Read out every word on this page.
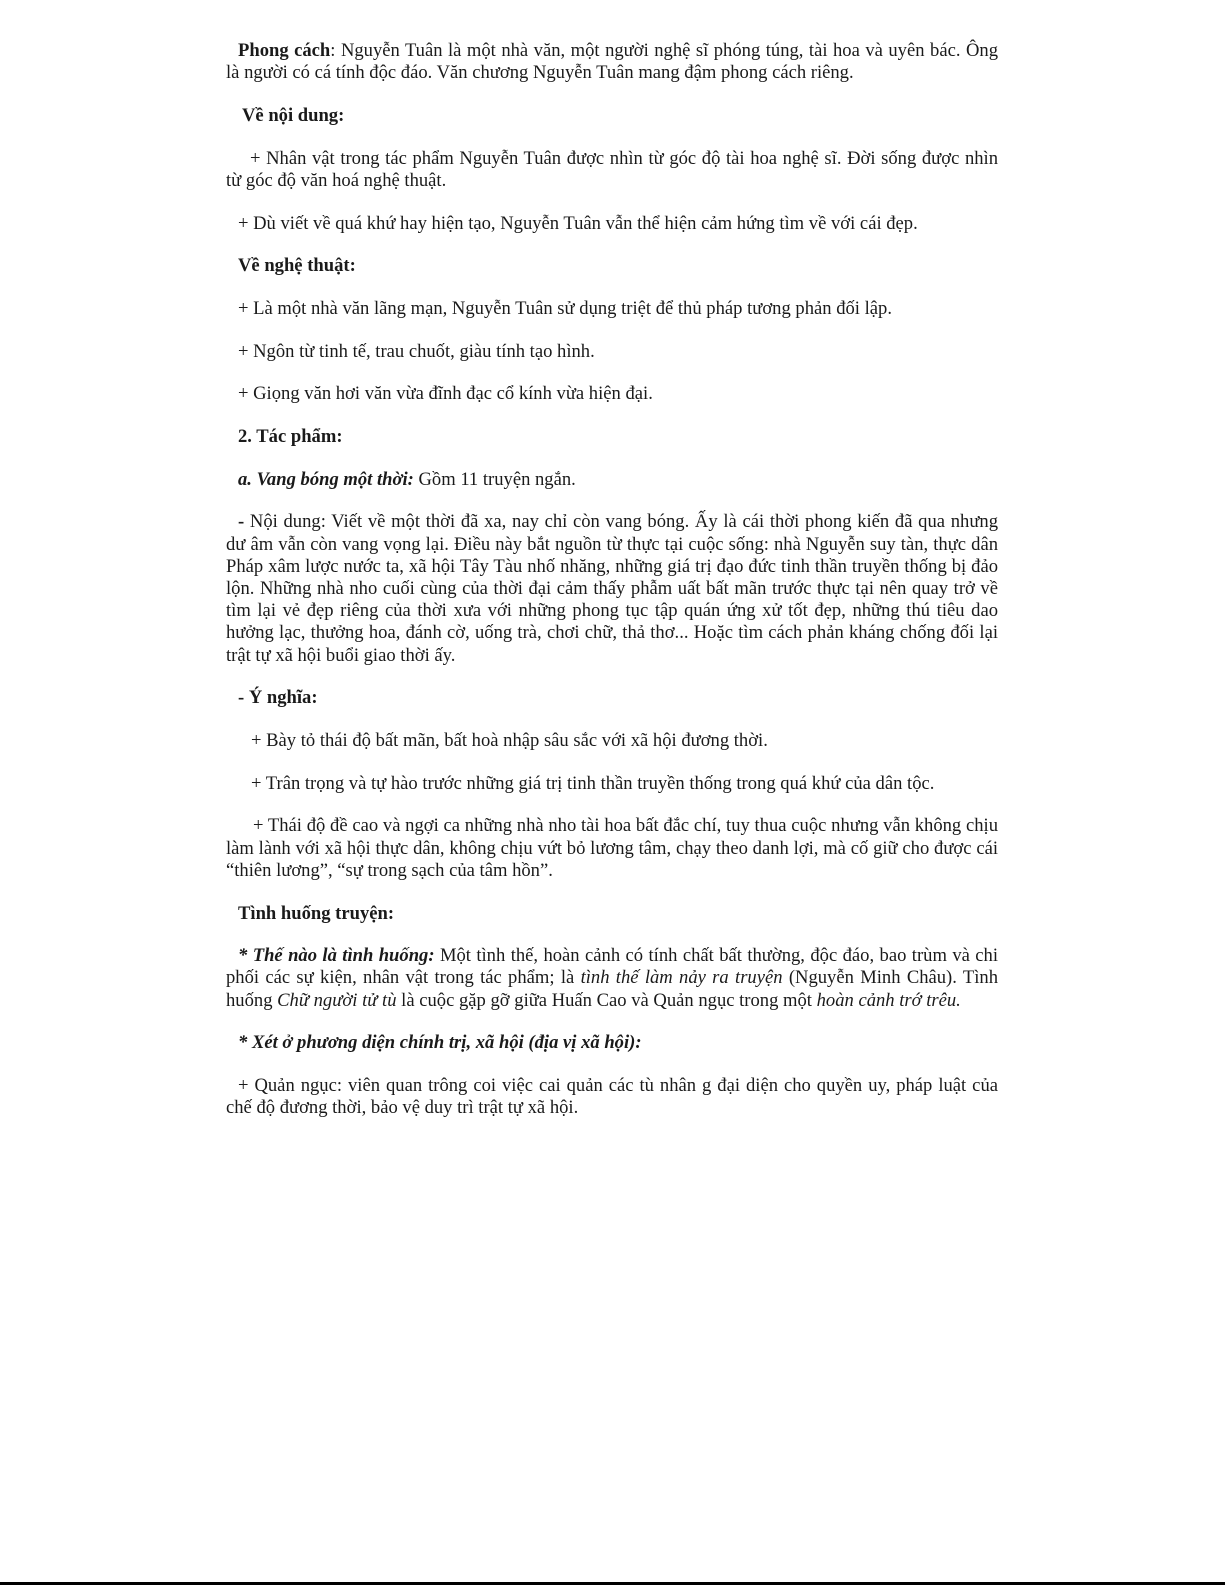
Phong cách: Nguyễn Tuân là một nhà văn, một người nghệ sĩ phóng túng, tài hoa và uyên bác. Ông là người có cá tính độc đáo. Văn chương Nguyễn Tuân mang đậm phong cách riêng.

Về nội dung:

+ Nhân vật trong tác phẩm Nguyễn Tuân được nhìn từ góc độ tài hoa nghệ sĩ. Đời sống được nhìn từ góc độ văn hoá nghệ thuật.

+ Dù viết về quá khứ hay hiện tạo, Nguyễn Tuân vẫn thể hiện cảm hứng tìm về với cái đẹp.

Về nghệ thuật:

+ Là một nhà văn lãng mạn, Nguyễn Tuân sử dụng triệt để thủ pháp tương phản đối lập.

+ Ngôn từ tinh tế, trau chuốt, giàu tính tạo hình.

+ Giọng văn hơi văn vừa đĩnh đạc cổ kính vừa hiện đại.

2. Tác phẩm:

a. Vang bóng một thời: Gồm 11 truyện ngắn.

- Nội dung: Viết về một thời đã xa, nay chỉ còn vang bóng. Ấy là cái thời phong kiến đã qua nhưng dư âm vẫn còn vang vọng lại. Điều này bắt nguồn từ thực tại cuộc sống: nhà Nguyễn suy tàn, thực dân Pháp xâm lược nước ta, xã hội Tây Tàu nhố nhăng, những giá trị đạo đức tinh thần truyền thống bị đảo lộn. Những nhà nho cuối cùng của thời đại cảm thấy phẫm uất bất mãn trước thực tại nên quay trở về tìm lại vẻ đẹp riêng của thời xưa với những phong tục tập quán ứng xử tốt đẹp, những thú tiêu dao hưởng lạc, thưởng hoa, đánh cờ, uống trà, chơi chữ, thả thơ... Hoặc tìm cách phản kháng chống đối lại trật tự xã hội buổi giao thời ấy.

- Ý nghĩa:

+ Bày tỏ thái độ bất mãn, bất hoà nhập sâu sắc với xã hội đương thời.

+ Trân trọng và tự hào trước những giá trị tinh thần truyền thống trong quá khứ của dân tộc.

+ Thái độ đề cao và ngợi ca những nhà nho tài hoa bất đắc chí, tuy thua cuộc nhưng vẫn không chịu làm lành với xã hội thực dân, không chịu vứt bỏ lương tâm, chạy theo danh lợi, mà cố giữ cho được cái “thiên lương”, “sự trong sạch của tâm hồn”.

Tình huống truyện:

* Thế nào là tình huống: Một tình thế, hoàn cảnh có tính chất bất thường, độc đáo, bao trùm và chi phối các sự kiện, nhân vật trong tác phẩm; là tình thế làm nảy ra truyện (Nguyễn Minh Châu). Tình huống Chữ người tử tù là cuộc gặp gỡ giữa Huấn Cao và Quản ngục trong một hoàn cảnh trớ trêu.

* Xét ở phương diện chính trị, xã hội (địa vị xã hội):

+ Quản ngục: viên quan trông coi việc cai quản các tù nhân g đại diện cho quyền uy, pháp luật của chế độ đương thời, bảo vệ duy trì trật tự xã hội.
